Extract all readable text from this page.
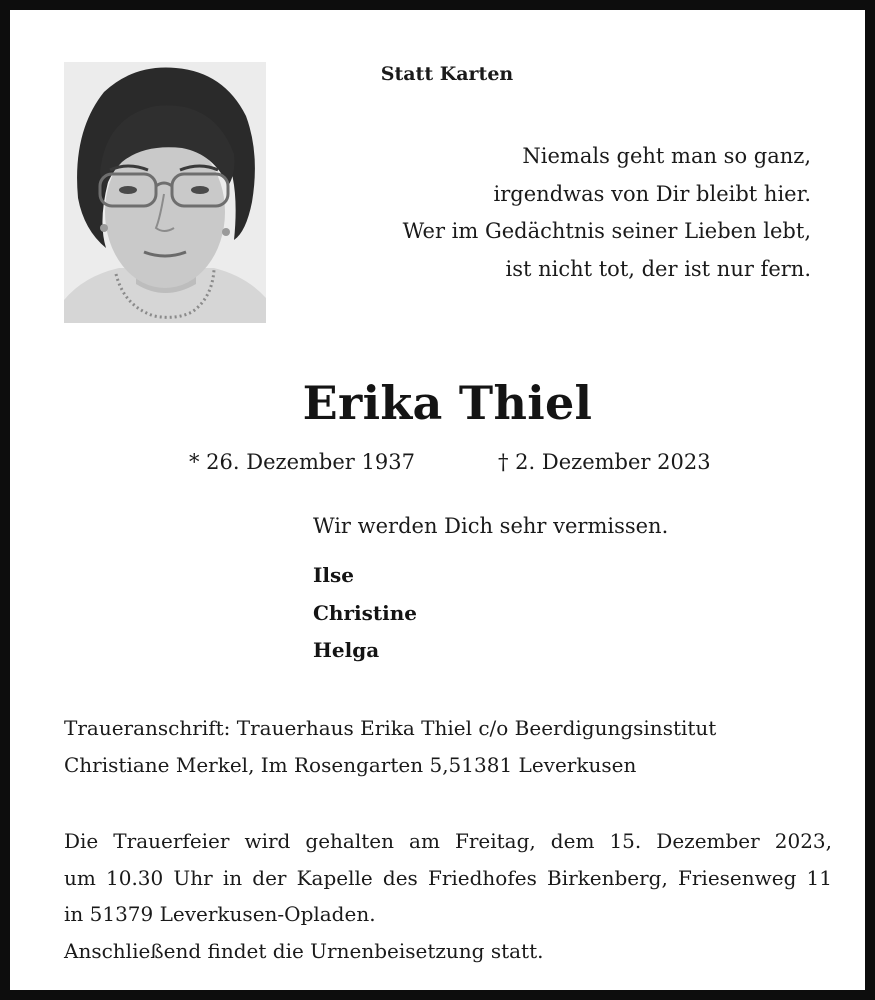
Statt Karten
Niemals geht man so ganz,
irgendwas von Dir bleibt hier.
Wer im Gedächtnis seiner Lieben lebt,
ist nicht tot, der ist nur fern.
Erika Thiel
* 26. Dezember 1937	† 2. Dezember 2023
Wir werden Dich sehr vermissen.
Ilse
Christine
Helga
Traueranschrift: Trauerhaus Erika Thiel c/o Beerdigungsinstitut
Christiane Merkel, Im Rosengarten 5,51381 Leverkusen
Die Trauerfeier wird gehalten am Freitag, dem 15. Dezember 2023,
um 10.30 Uhr in der Kapelle des Friedhofes Birkenberg, Friesenweg 11
in 51379 Leverkusen-Opladen.
Anschließend findet die Urnenbeisetzung statt.
